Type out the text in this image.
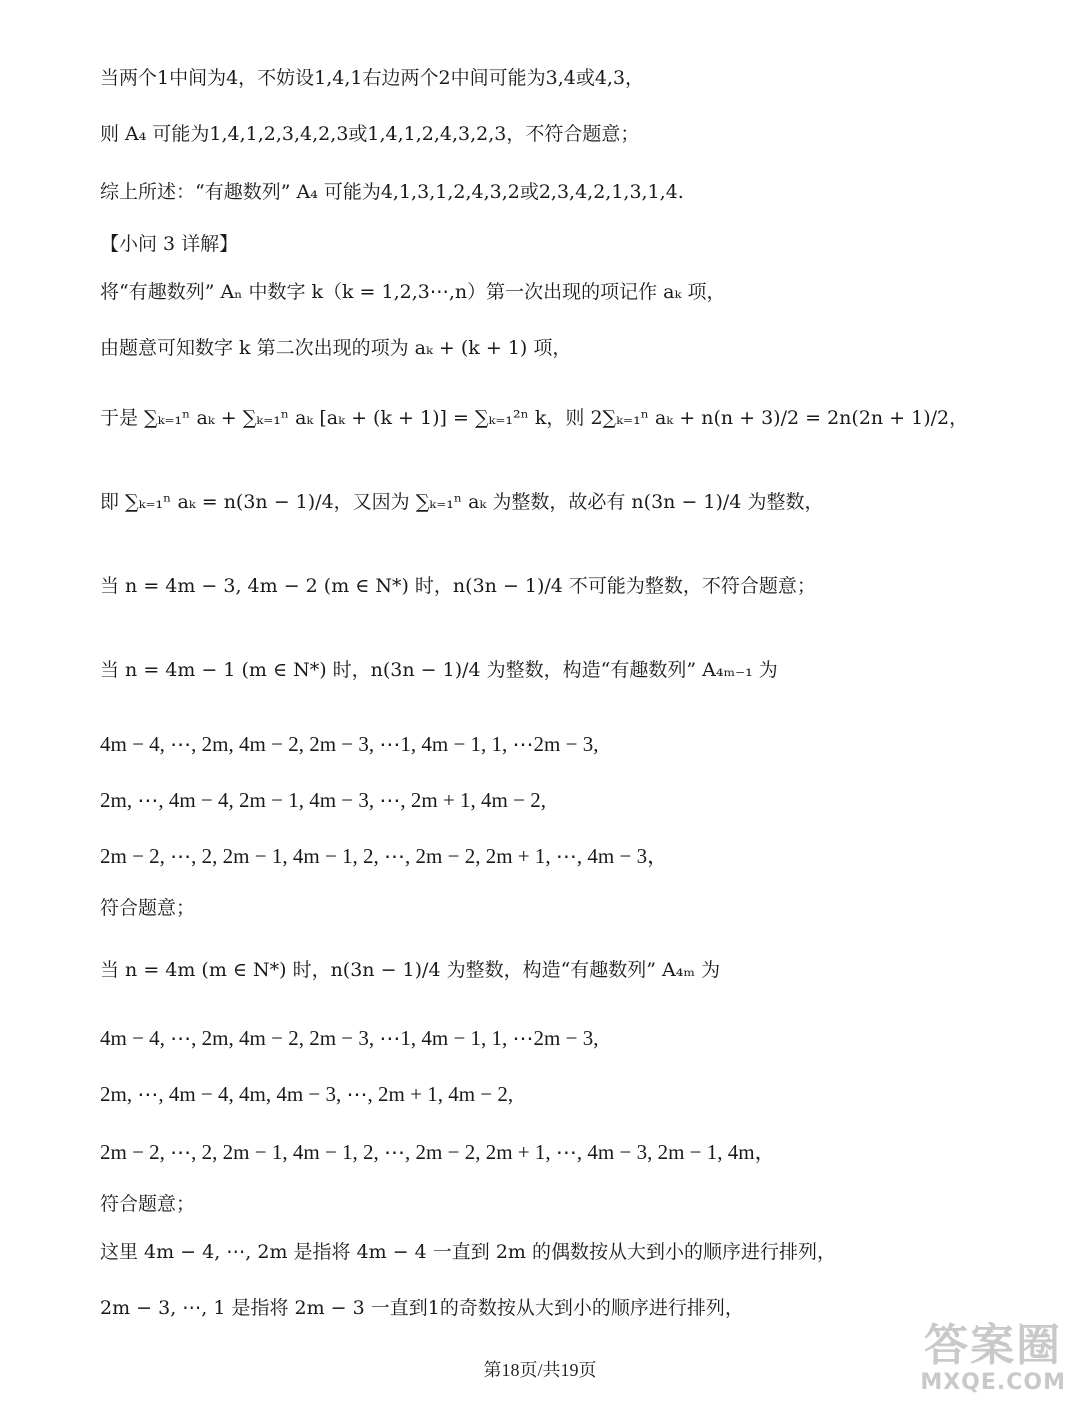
当两个1中间为4，不妨设1,4,1右边两个2中间可能为3,4或4,3，
则 A₄ 可能为1,4,1,2,3,4,2,3或1,4,1,2,4,3,2,3，不符合题意；
综上所述：“有趣数列” A₄ 可能为4,1,3,1,2,4,3,2或2,3,4,2,1,3,1,4.
【小问 3 详解】
将“有趣数列” Aₙ 中数字 k（k = 1,2,3⋯,n）第一次出现的项记作 aₖ 项，
由题意可知数字 k 第二次出现的项为 aₖ + (k + 1) 项，
于是 ∑ₖ₌₁ⁿ aₖ + ∑ₖ₌₁ⁿ aₖ [aₖ + (k + 1)] = ∑ₖ₌₁²ⁿ k，则 2∑ₖ₌₁ⁿ aₖ + n(n + 3)/2 = 2n(2n + 1)/2，
即 ∑ₖ₌₁ⁿ aₖ = n(3n − 1)/4，又因为 ∑ₖ₌₁ⁿ aₖ 为整数，故必有 n(3n − 1)/4 为整数，
当 n = 4m − 3, 4m − 2 (m ∈ N*) 时，n(3n − 1)/4 不可能为整数，不符合题意；
当 n = 4m − 1 (m ∈ N*) 时，n(3n − 1)/4 为整数，构造“有趣数列” A₄ₘ₋₁ 为
4m − 4, ⋯, 2m, 4m − 2, 2m − 3, ⋯1, 4m − 1, 1, ⋯2m − 3,
2m, ⋯, 4m − 4, 2m − 1, 4m − 3, ⋯, 2m + 1, 4m − 2,
2m − 2, ⋯, 2, 2m − 1, 4m − 1, 2, ⋯, 2m − 2, 2m + 1, ⋯, 4m − 3，
符合题意；
当 n = 4m (m ∈ N*) 时，n(3n − 1)/4 为整数，构造“有趣数列” A₄ₘ 为
4m − 4, ⋯, 2m, 4m − 2, 2m − 3, ⋯1, 4m − 1, 1, ⋯2m − 3,
2m, ⋯, 4m − 4, 4m, 4m − 3, ⋯, 2m + 1, 4m − 2,
2m − 2, ⋯, 2, 2m − 1, 4m − 1, 2, ⋯, 2m − 2, 2m + 1, ⋯, 4m − 3, 2m − 1, 4m，
符合题意；
这里 4m − 4, ⋯, 2m 是指将 4m − 4 一直到 2m 的偶数按从大到小的顺序进行排列，
2m − 3, ⋯, 1 是指将 2m − 3 一直到1的奇数按从大到小的顺序进行排列，
第18页/共19页	答案圈
MXQE.COM
